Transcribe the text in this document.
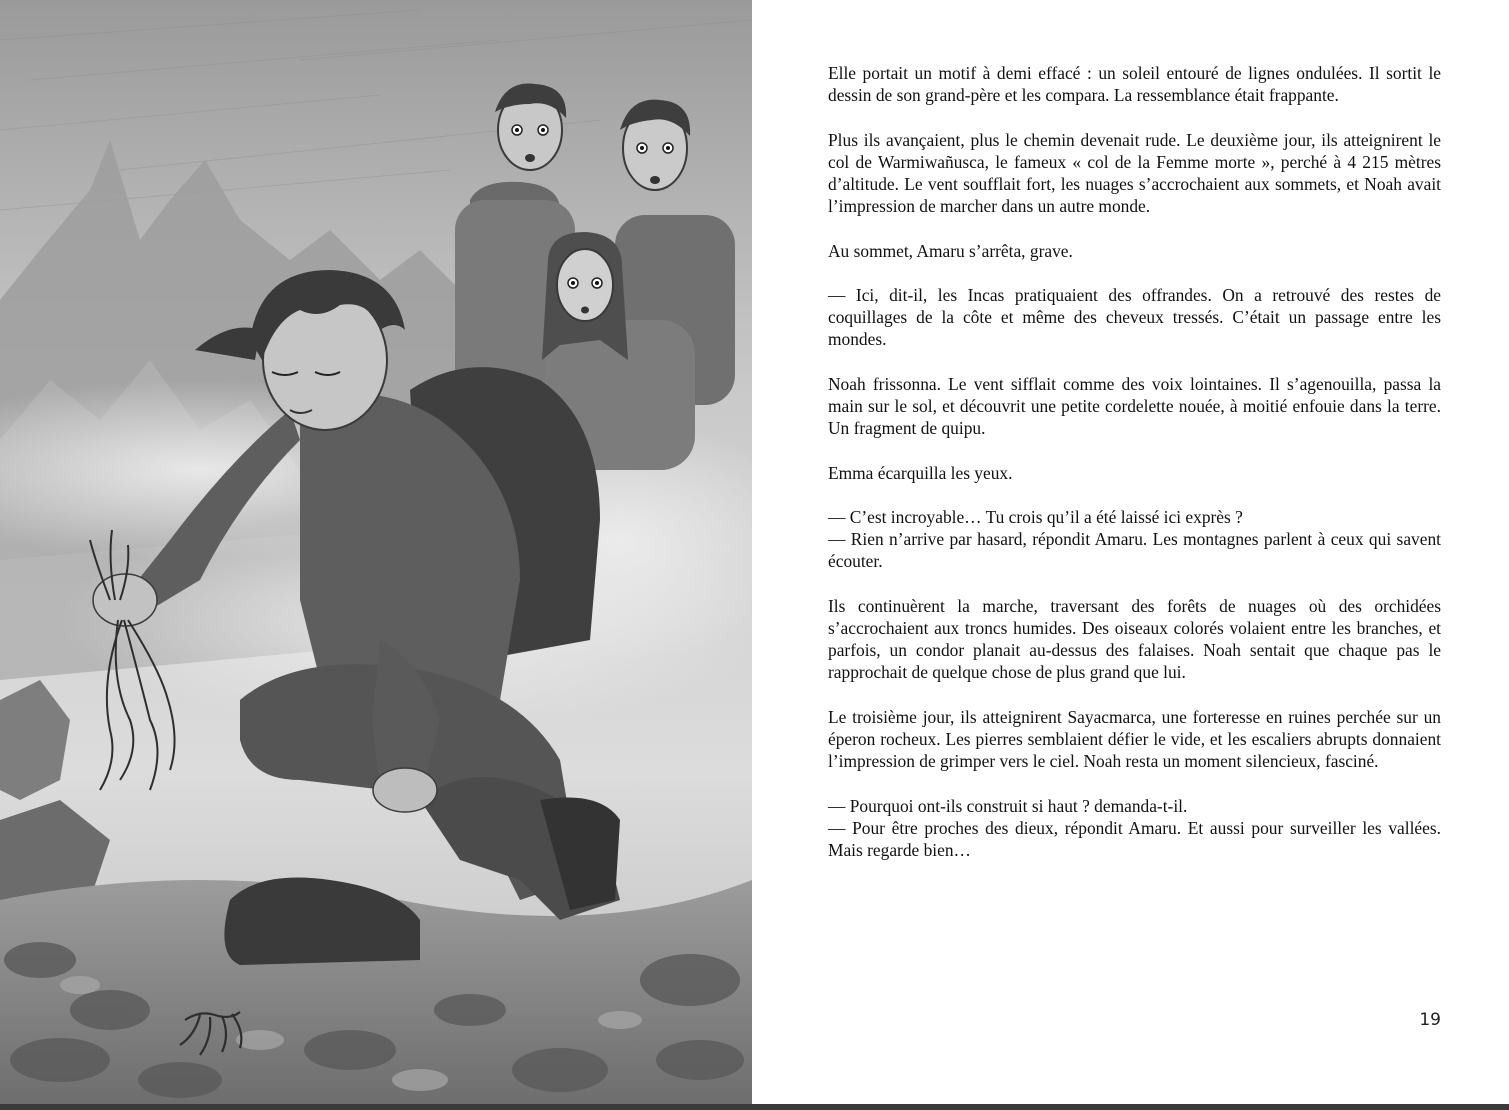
Elle portait un motif à demi effacé : un soleil entouré de lignes ondulées. Il sortit le dessin de son grand-père et les compara. La ressemblance était frappante.

Plus ils avançaient, plus le chemin devenait rude. Le deuxième jour, ils atteignirent le col de Warmiwañusca, le fameux « col de la Femme morte », perché à 4 215 mètres d’altitude. Le vent soufflait fort, les nuages s’accrochaient aux sommets, et Noah avait l’impression de marcher dans un autre monde.

Au sommet, Amaru s’arrêta, grave.

— Ici, dit-il, les Incas pratiquaient des offrandes. On a retrouvé des restes de coquillages de la côte et même des cheveux tressés. C’était un passage entre les mondes.

Noah frissonna. Le vent sifflait comme des voix lointaines. Il s’agenouilla, passa la main sur le sol, et découvrit une petite cordelette nouée, à moitié enfouie dans la terre. Un fragment de quipu.

Emma écarquilla les yeux.

— C’est incroyable… Tu crois qu’il a été laissé ici exprès ?

— Rien n’arrive par hasard, répondit Amaru. Les montagnes parlent à ceux qui savent écouter.

Ils continuèrent la marche, traversant des forêts de nuages où des orchidées s’accrochaient aux troncs humides. Des oiseaux colorés volaient entre les branches, et parfois, un condor planait au-dessus des falaises. Noah sentait que chaque pas le rapprochait de quelque chose de plus grand que lui.

Le troisième jour, ils atteignirent Sayacmarca, une forteresse en ruines perchée sur un éperon rocheux. Les pierres semblaient défier le vide, et les escaliers abrupts donnaient l’impression de grimper vers le ciel. Noah resta un moment silencieux, fasciné.

— Pourquoi ont-ils construit si haut ? demanda-t-il.

— Pour être proches des dieux, répondit Amaru. Et aussi pour surveiller les vallées. Mais regarde bien…

19
